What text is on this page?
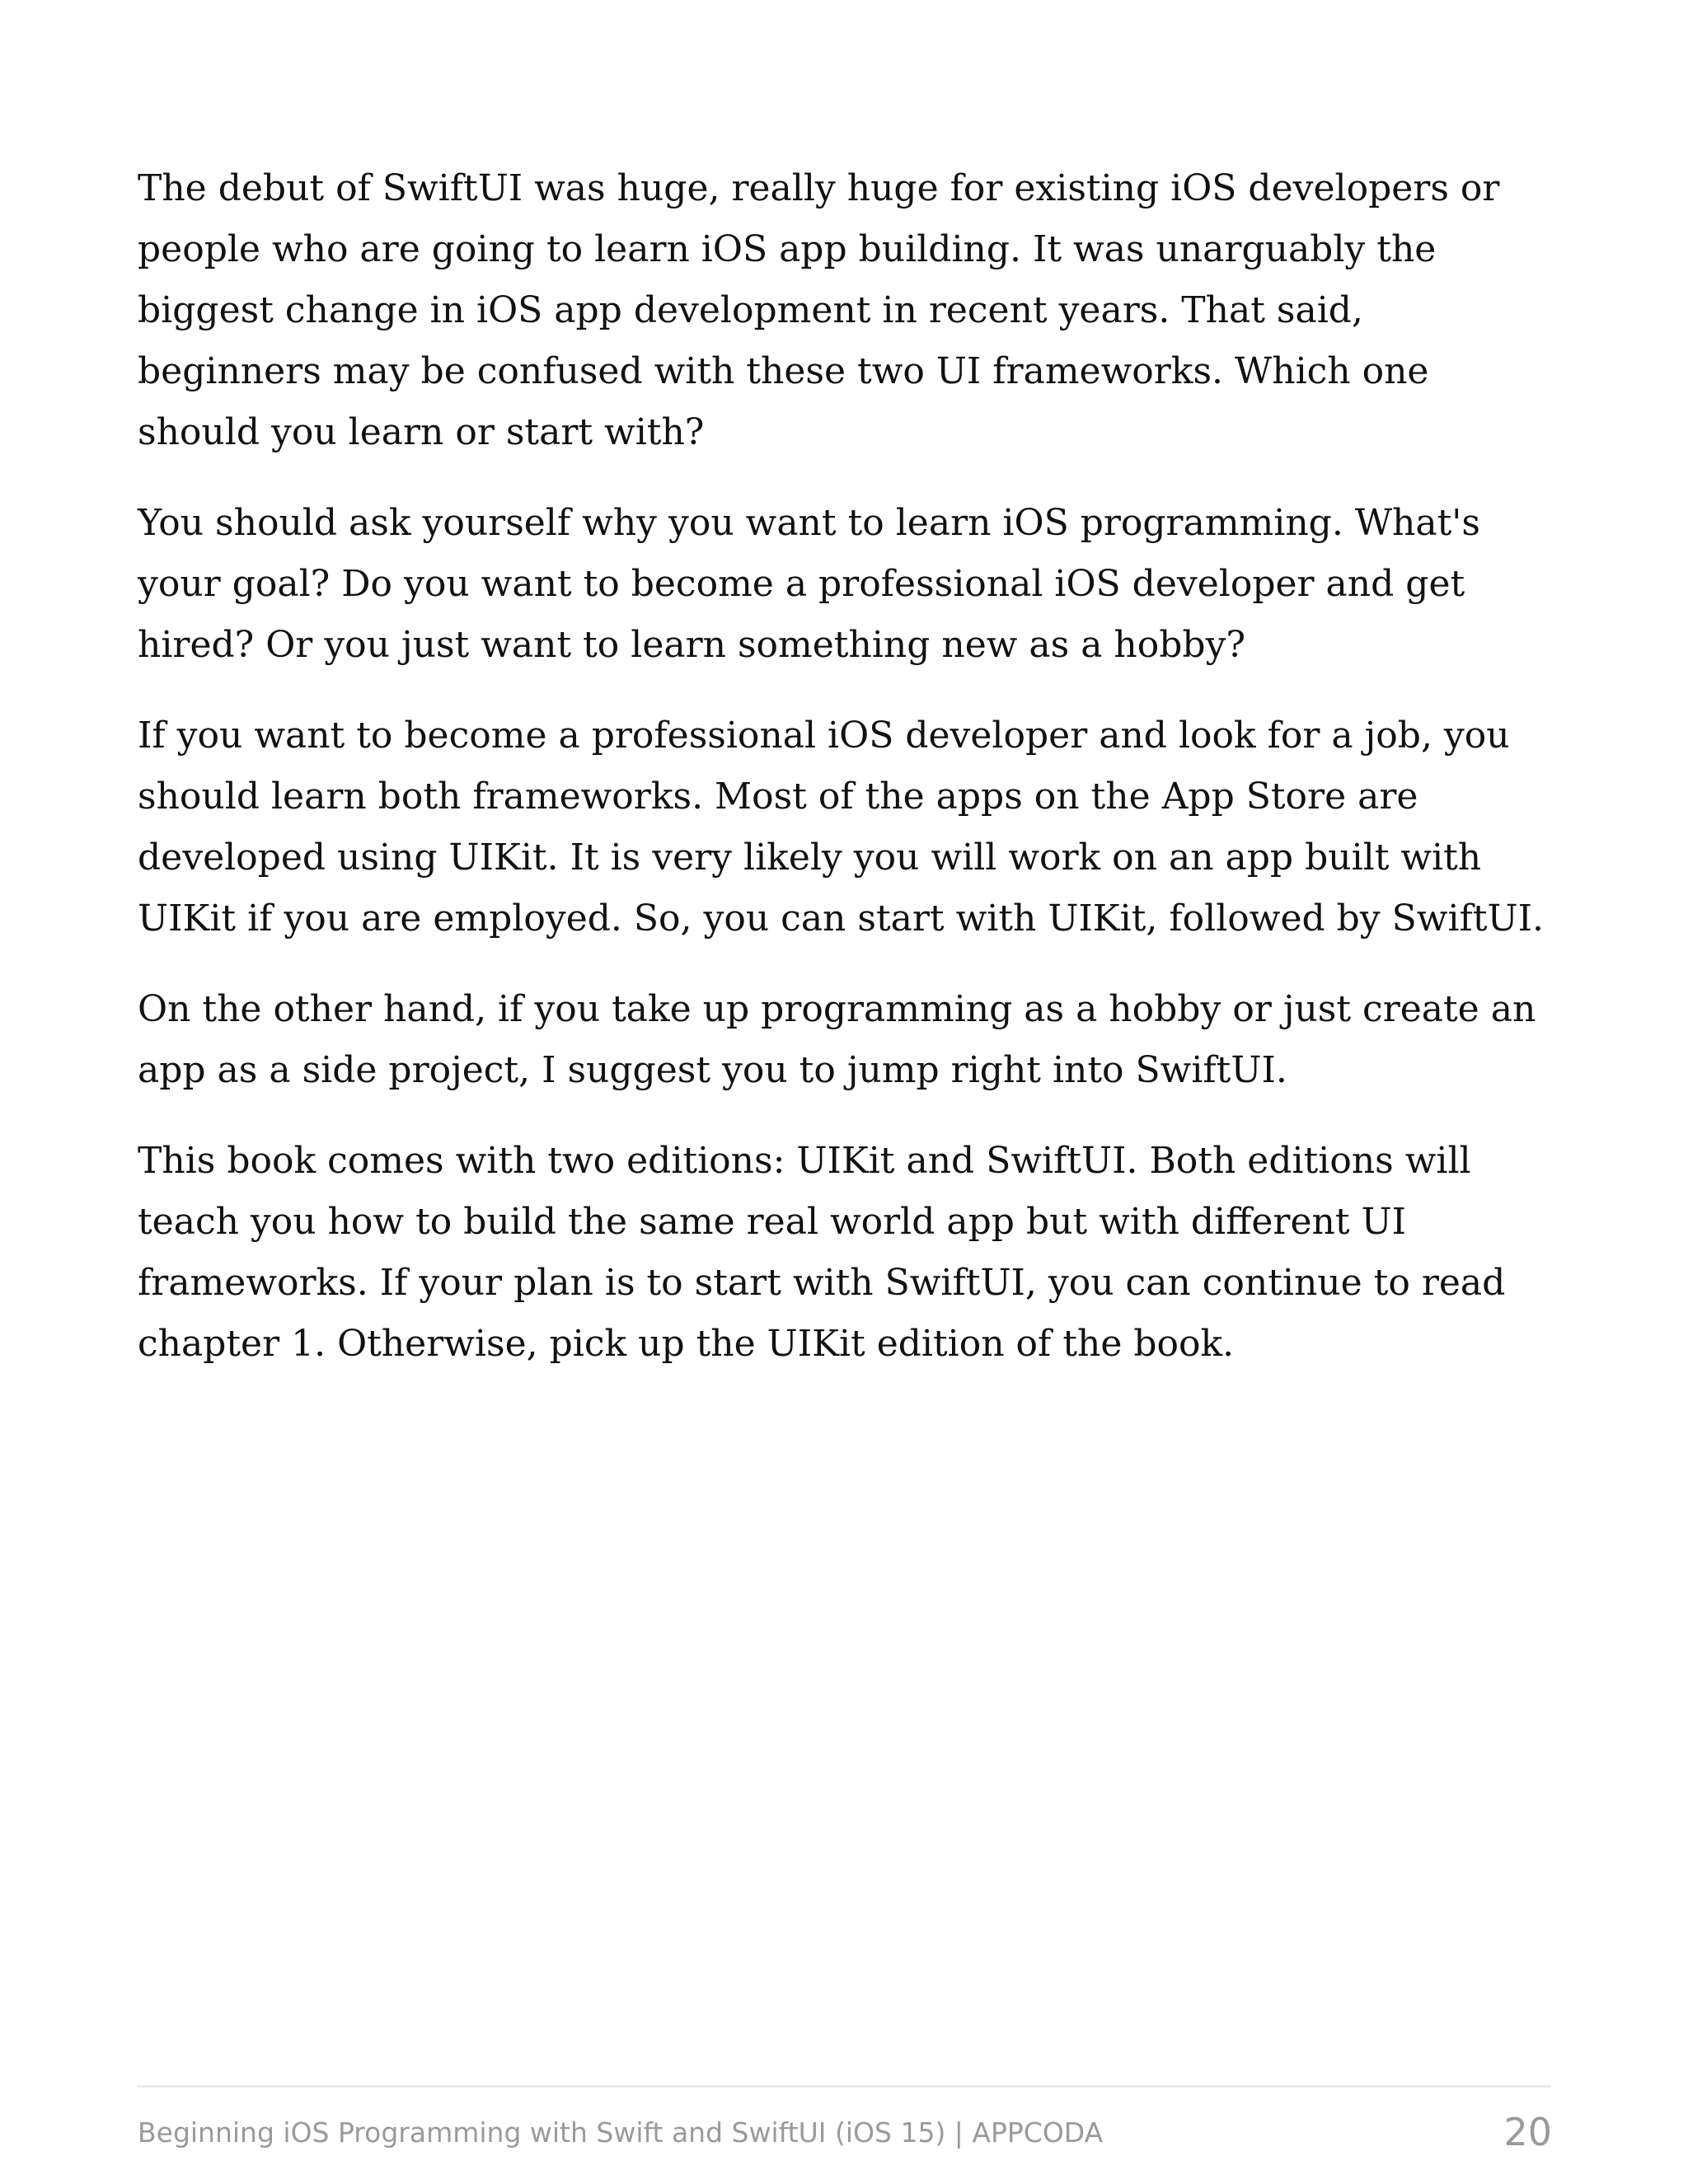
The debut of SwiftUI was huge, really huge for existing iOS developers or people who are going to learn iOS app building. It was unarguably the biggest change in iOS app development in recent years. That said, beginners may be confused with these two UI frameworks. Which one should you learn or start with?

You should ask yourself why you want to learn iOS programming. What's your goal? Do you want to become a professional iOS developer and get hired? Or you just want to learn something new as a hobby?

If you want to become a professional iOS developer and look for a job, you should learn both frameworks. Most of the apps on the App Store are developed using UIKit. It is very likely you will work on an app built with UIKit if you are employed. So, you can start with UIKit, followed by SwiftUI.

On the other hand, if you take up programming as a hobby or just create an app as a side project, I suggest you to jump right into SwiftUI.

This book comes with two editions: UIKit and SwiftUI. Both editions will teach you how to build the same real world app but with different UI frameworks. If your plan is to start with SwiftUI, you can continue to read chapter 1. Otherwise, pick up the UIKit edition of the book.

Beginning iOS Programming with Swift and SwiftUI (iOS 15) | APPCODA	20
